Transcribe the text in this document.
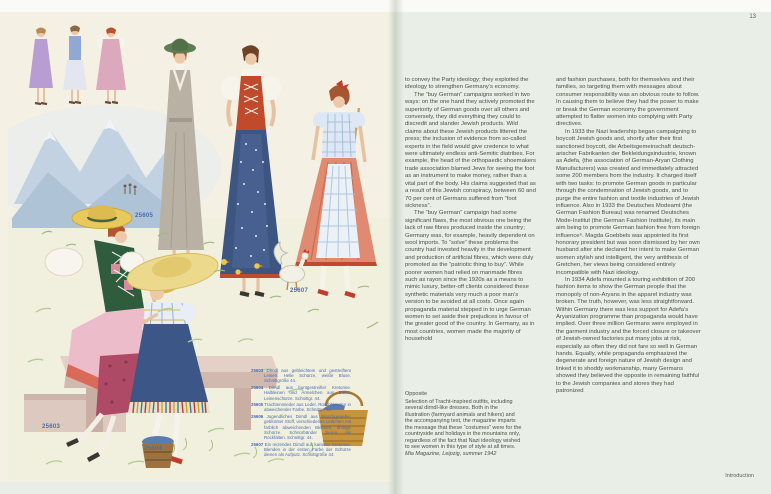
25605
25607
25603
25604

25603 Dirndl aus gebleichtem und gestreiftem Leinen. Helle Schürze, weiße Bluse. Schnittgröße 44.

25604 Dirndl aus buntgestreifter Kretonne. Halbleinen und Ärmelchen aus Batist. Leinenschürze. Schnittgr. 44.

25605 Trachtenmieder aus Leder. Rüschblenden in abweichender Farbe. Schnittgr. 44.

25606 Jugendliches Dirndl aus Waschgewebe, geblümter Stoff, verschiedenes Leibchen mit farblich abweichenden Blenden, drollige Schürze. Schnürbänder zieren die Rockfalten. Schnittgr. 44.

25607 Ein reizendes Dirndl aus karierter Kretonne. Blenden in der ersten Farbe der Schürze dienen als Aufputz. Schnittgröße 44.

13

to convey the Party ideology; they exploited the ideology to strengthen Germany’s economy.

The “buy German” campaigns worked in two ways: on the one hand they actively promoted the superiority of German goods over all others and conversely, they did everything they could to discredit and slander Jewish products. Wild claims about these Jewish products littered the press; the inclusion of evidence from so-called experts in the field would give credence to what were ultimately endless anti-Semitic diatribes. For example, the head of the orthopaedic shoemakers trade association blamed Jews for seeing the foot as an instrument to make money, rather than a vital part of the body. His claims suggested that as a result of this Jewish conspiracy, between 60 and 70 per cent of Germans suffered from “foot sickness”.

The “buy German” campaign had some significant flaws, the most obvious one being the lack of raw fibres produced inside the country; Germany was, for example, heavily dependent on wool imports. To “solve” these problems the country had invested heavily in the development and production of artificial fibres, which were duly promoted as the “patriotic thing to buy”. While poorer women had relied on manmade fibres such as rayon since the 1920s as a means to mimic luxury, better-off clients considered these synthetic materials very much a poor man’s version to be avoided at all costs. Once again propaganda material stepped in to urge German women to set aside their prejudices in favour of the greater good of the country. In Germany, as in most countries, women made the majority of household

Opposite

Selection of Tracht-inspired outfits, including several dirndl-like dresses. Both in the illustration (farmyard animals and hikers) and the accompanying text, the magazine imparts the message that these “costumes” were for the countryside and holidays in the mountains only, regardless of the fact that Nazi ideology wished to see women in this type of style at all times. Mia Magazine, Leipzig, summer 1942

and fashion purchases, both for themselves and their families, so targeting them with messages about consumer responsibility was an obvious route to follow. In causing them to believe they had the power to make or break the German economy the government attempted to flatter women into complying with Party directives.

In 1933 the Nazi leadership began campaigning to boycott Jewish goods and, shortly after their first sanctioned boycott, die Arbeitsgemeinschaft deutsch-arischer Fabrikanten der Bekleidungsindustrie, known as Adefa, (the association of German-Aryan Clothing Manufacturers) was created and immediately attracted some 200 members from the industry. It charged itself with two tasks: to promote German goods in particular through the condemnation of Jewish goods, and to purge the entire fashion and textile industries of Jewish influence. Also in 1933 the Deutsches Modeamt (the German Fashion Bureau) was renamed Deutsches Mode-Institut (the German Fashion Institute), its main aim being to promote German fashion free from foreign influence⁶. Magda Goebbels was appointed its first honorary president but was soon dismissed by her own husband after she declared her intent to make German women stylish and intelligent, the very antithesis of Gretchen, her views being considered entirely incompatible with Nazi ideology.

In 1934 Adefa mounted a touring exhibition of 200 fashion items to show the German people that the monopoly of non-Aryans in the apparel industry was broken. The truth, however, was less straightforward. Within Germany there was less support for Adefa’s Aryanization programme than propaganda would have implied. Over three million Germans were employed in the garment industry and the forced closure or takeover of Jewish-owned factories put many jobs at risk, especially as often they did not fare so well in German hands. Equally, while propaganda emphasized the degenerate and foreign nature of Jewish design and linked it to shoddy workmanship, many Germans showed they believed the opposite in remaining faithful to the Jewish companies and stores they had patronized

Introduction
